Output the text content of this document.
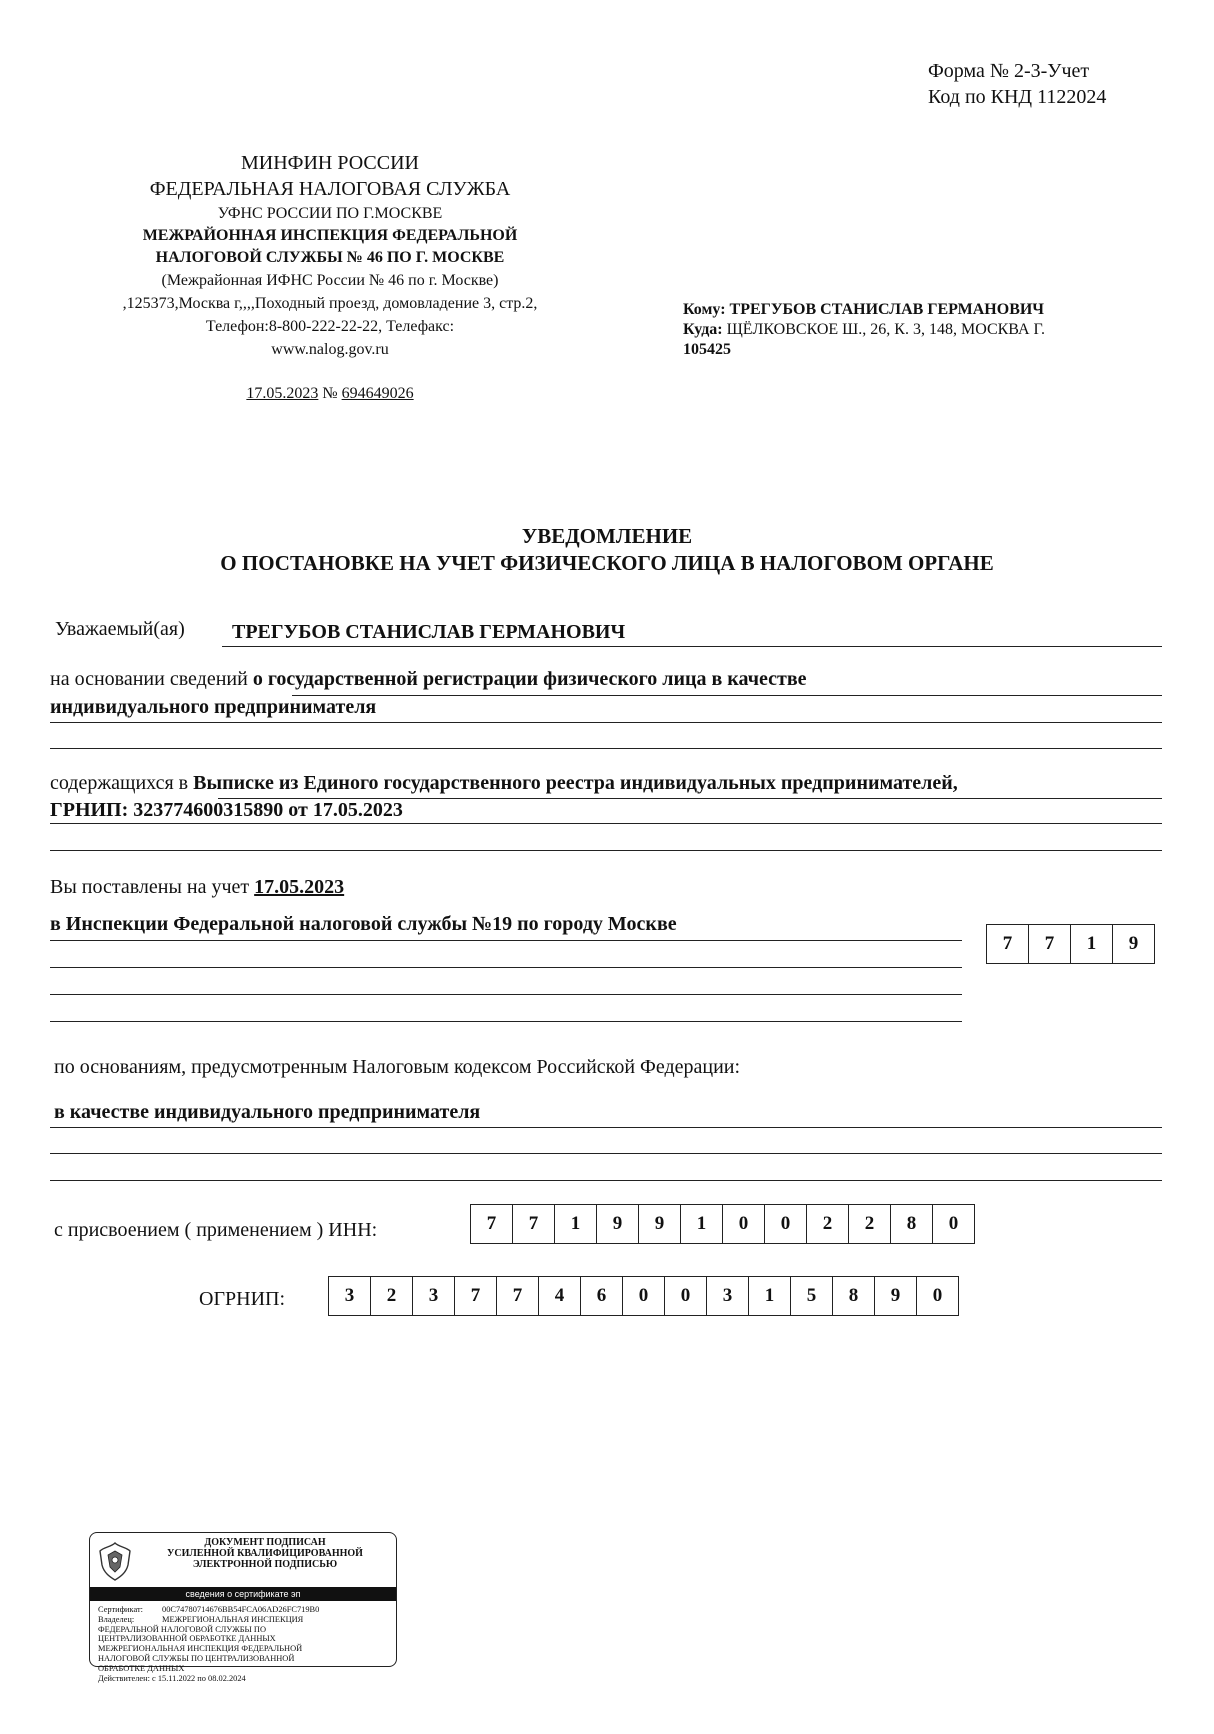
Форма № 2-3-Учет
Код по КНД 1122024
МИНФИН РОССИИ
ФЕДЕРАЛЬНАЯ НАЛОГОВАЯ СЛУЖБА
УФНС РОССИИ ПО Г.МОСКВЕ
МЕЖРАЙОННАЯ ИНСПЕКЦИЯ ФЕДЕРАЛЬНОЙ
НАЛОГОВОЙ СЛУЖБЫ № 46 ПО Г. МОСКВЕ
(Межрайонная ИФНС России № 46 по г. Москве)
,125373,Москва г,,,,Походный проезд, домовладение 3, стр.2,
Телефон:8-800-222-22-22, Телефакс:
www.nalog.gov.ru
17.05.2023 № 694649026
Кому: ТРЕГУБОВ СТАНИСЛАВ ГЕРМАНОВИЧ
Куда: ЩЁЛКОВСКОЕ Ш., 26, К. 3, 148, МОСКВА Г.
105425
УВЕДОМЛЕНИЕ
О ПОСТАНОВКЕ НА УЧЕТ ФИЗИЧЕСКОГО ЛИЦА В НАЛОГОВОМ ОРГАНЕ
Уважаемый(ая) ТРЕГУБОВ СТАНИСЛАВ ГЕРМАНОВИЧ
на основании сведений о государственной регистрации физического лица в качестве
индивидуального предпринимателя
содержащихся в Выписке из Единого государственного реестра индивидуальных предпринимателей,
ГРНИП: 323774600315890 от 17.05.2023
Вы поставлены на учет 17.05.2023
в Инспекции Федеральной налоговой службы №19 по городу Москве
7	7	1	9
по основаниям, предусмотренным Налоговым кодексом Российской Федерации:
в качестве индивидуального предпринимателя
с присвоением ( применением ) ИНН:	7	7	1	9	9	1	0	0	2	2	8	0
ОГРНИП:	3	2	3	7	7	4	6	0	0	3	1	5	8	9	0
ДОКУМЕНТ ПОДПИСАН
УСИЛЕННОЙ КВАЛИФИЦИРОВАННОЙ
ЭЛЕКТРОННОЙ ПОДПИСЬЮ
сведения о сертификате эп
Сертификат: 00C74780714676BB54FCA06AD26FC719B0
Владелец:	МЕЖРЕГИОНАЛЬНАЯ ИНСПЕКЦИЯ
ФЕДЕРАЛЬНОЙ НАЛОГОВОЙ СЛУЖБЫ ПО
ЦЕНТРАЛИЗОВАННОЙ ОБРАБОТКЕ ДАННЫХ
МЕЖРЕГИОНАЛЬНАЯ ИНСПЕКЦИЯ ФЕДЕРАЛЬНОЙ
НАЛОГОВОЙ СЛУЖБЫ ПО ЦЕНТРАЛИЗОВАННОЙ
ОБРАБОТКЕ ДАННЫХ
Действителен: с 15.11.2022 по 08.02.2024
